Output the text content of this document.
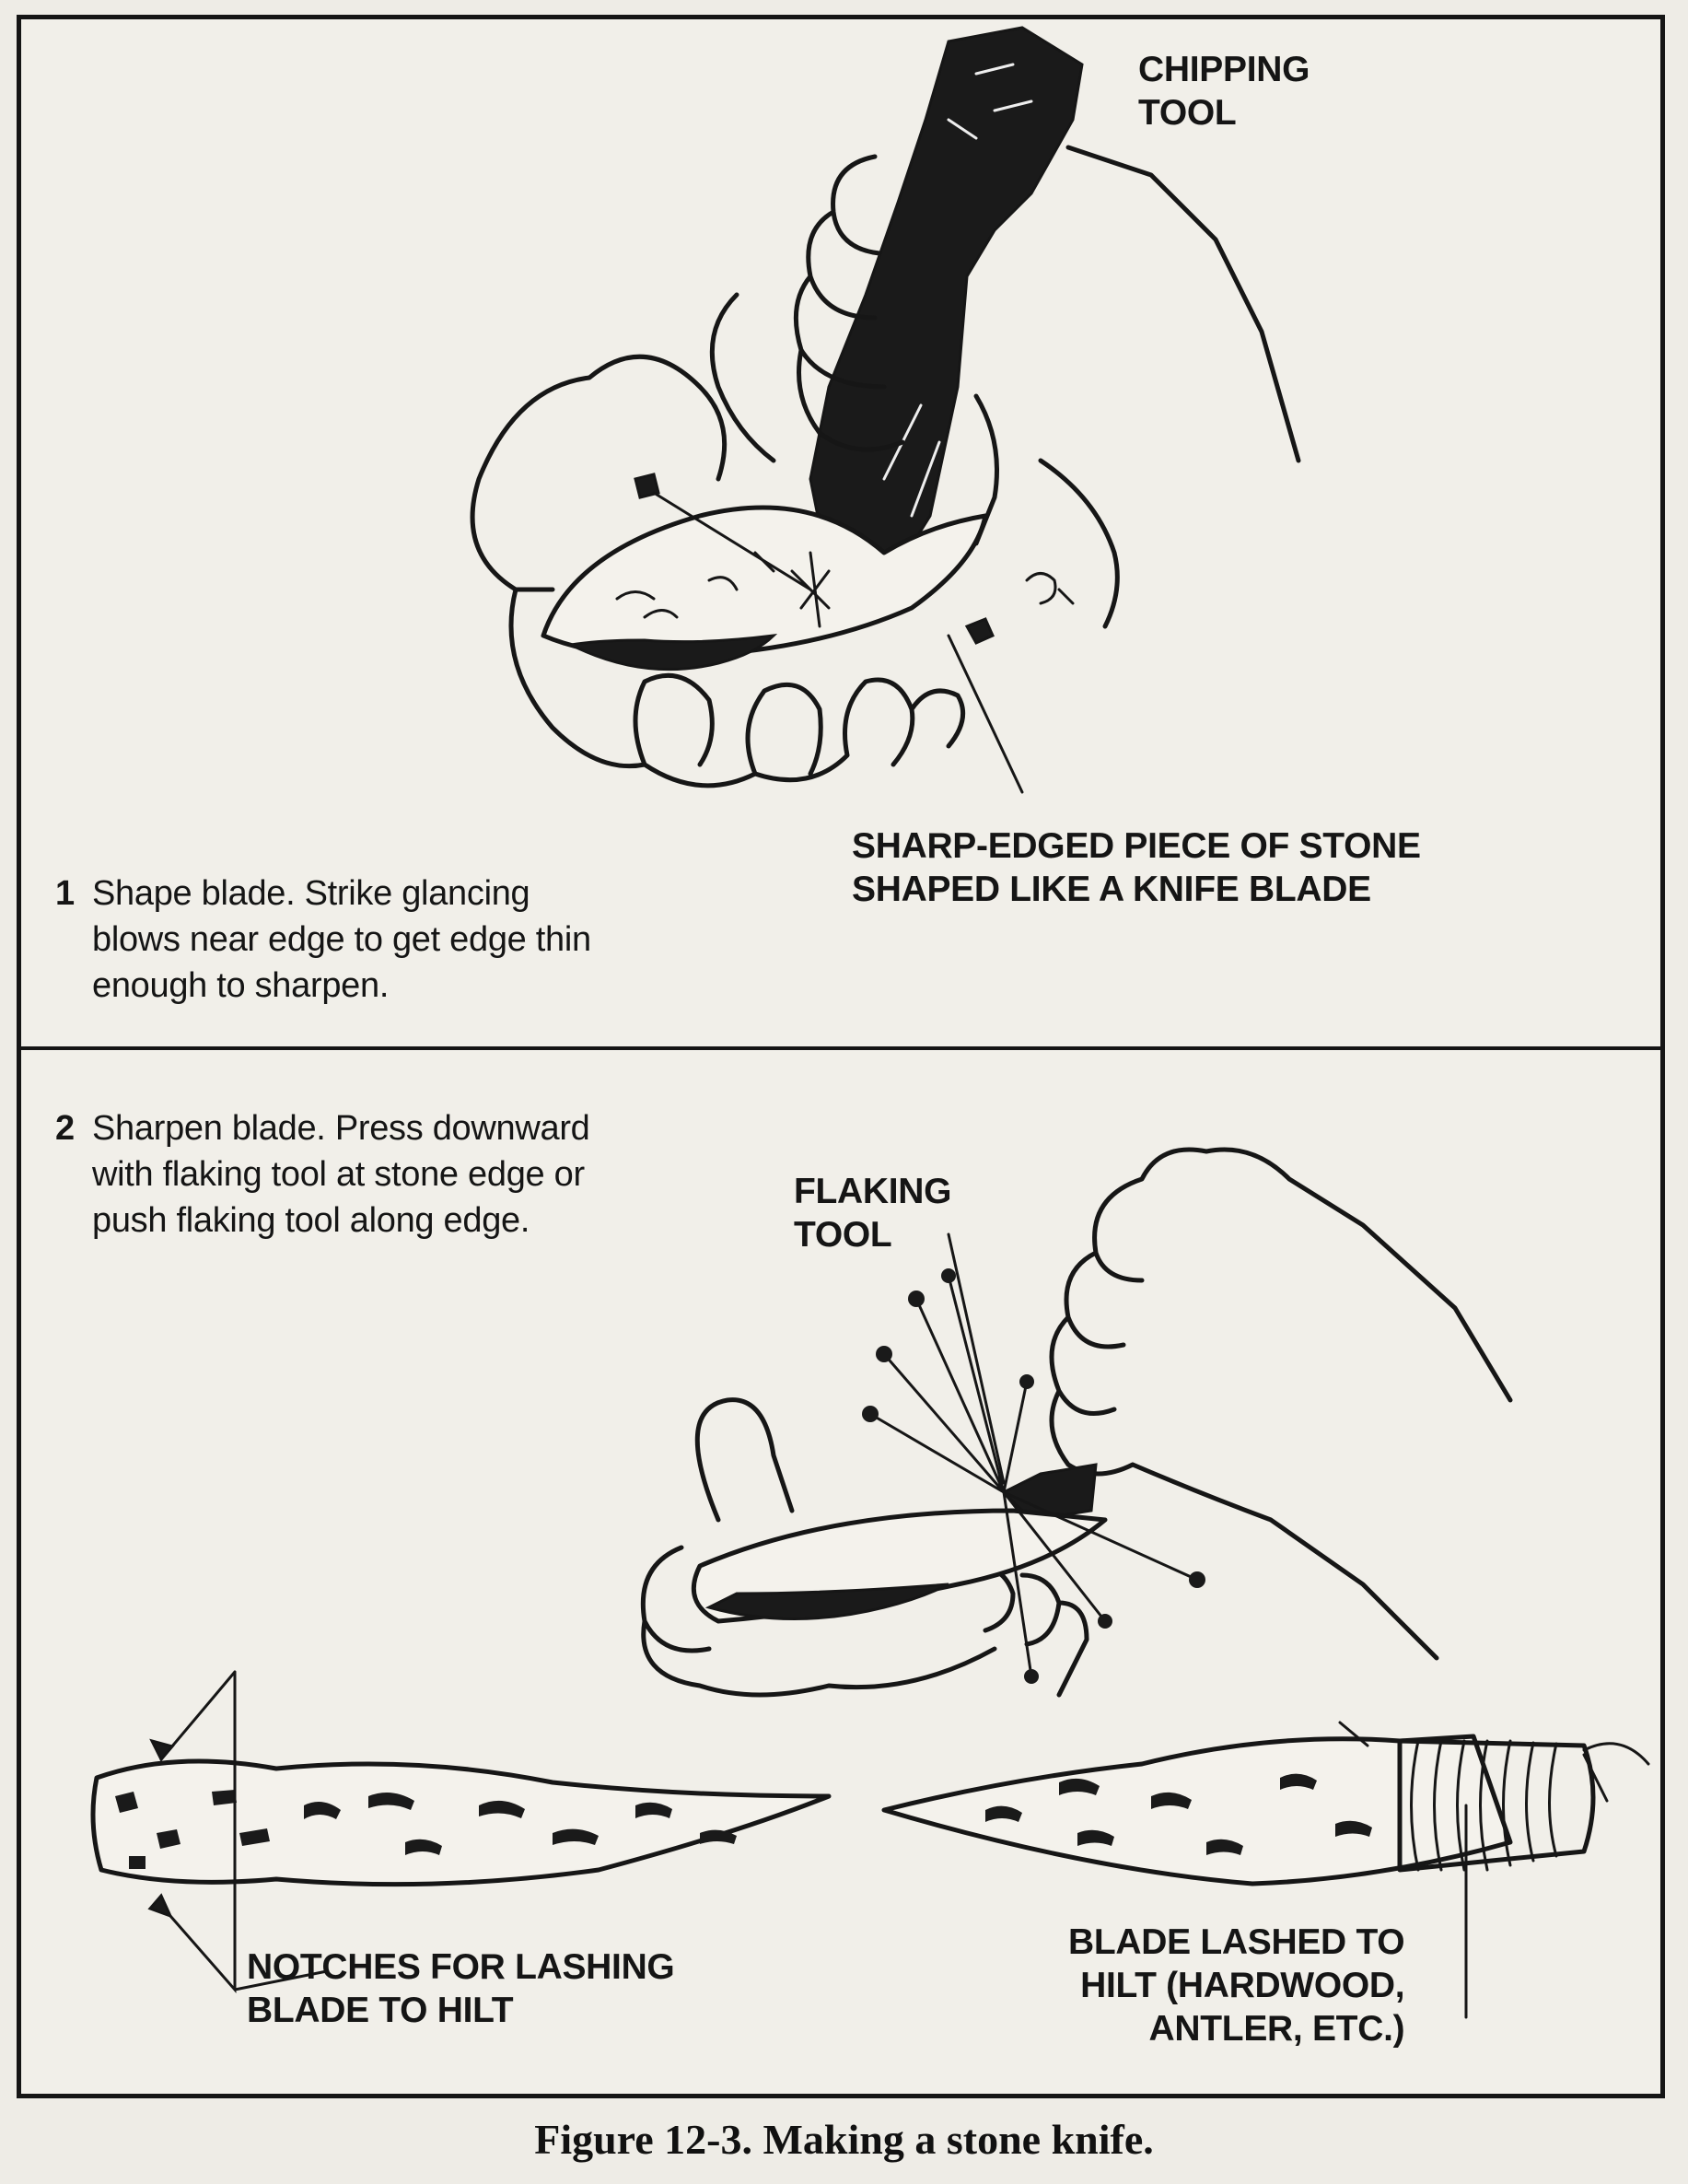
CHIPPING
TOOL
SHARP-EDGED PIECE OF STONE
SHAPED LIKE A KNIFE BLADE
1 Shape blade. Strike glancing
blows near edge to get edge thin
enough to sharpen.
2 Sharpen blade. Press downward
with flaking tool at stone edge or
push flaking tool along edge.
FLAKING
TOOL
NOTCHES FOR LASHING
BLADE TO HILT
BLADE LASHED TO
HILT (HARDWOOD,
ANTLER, ETC.)
Figure 12-3. Making a stone knife.
